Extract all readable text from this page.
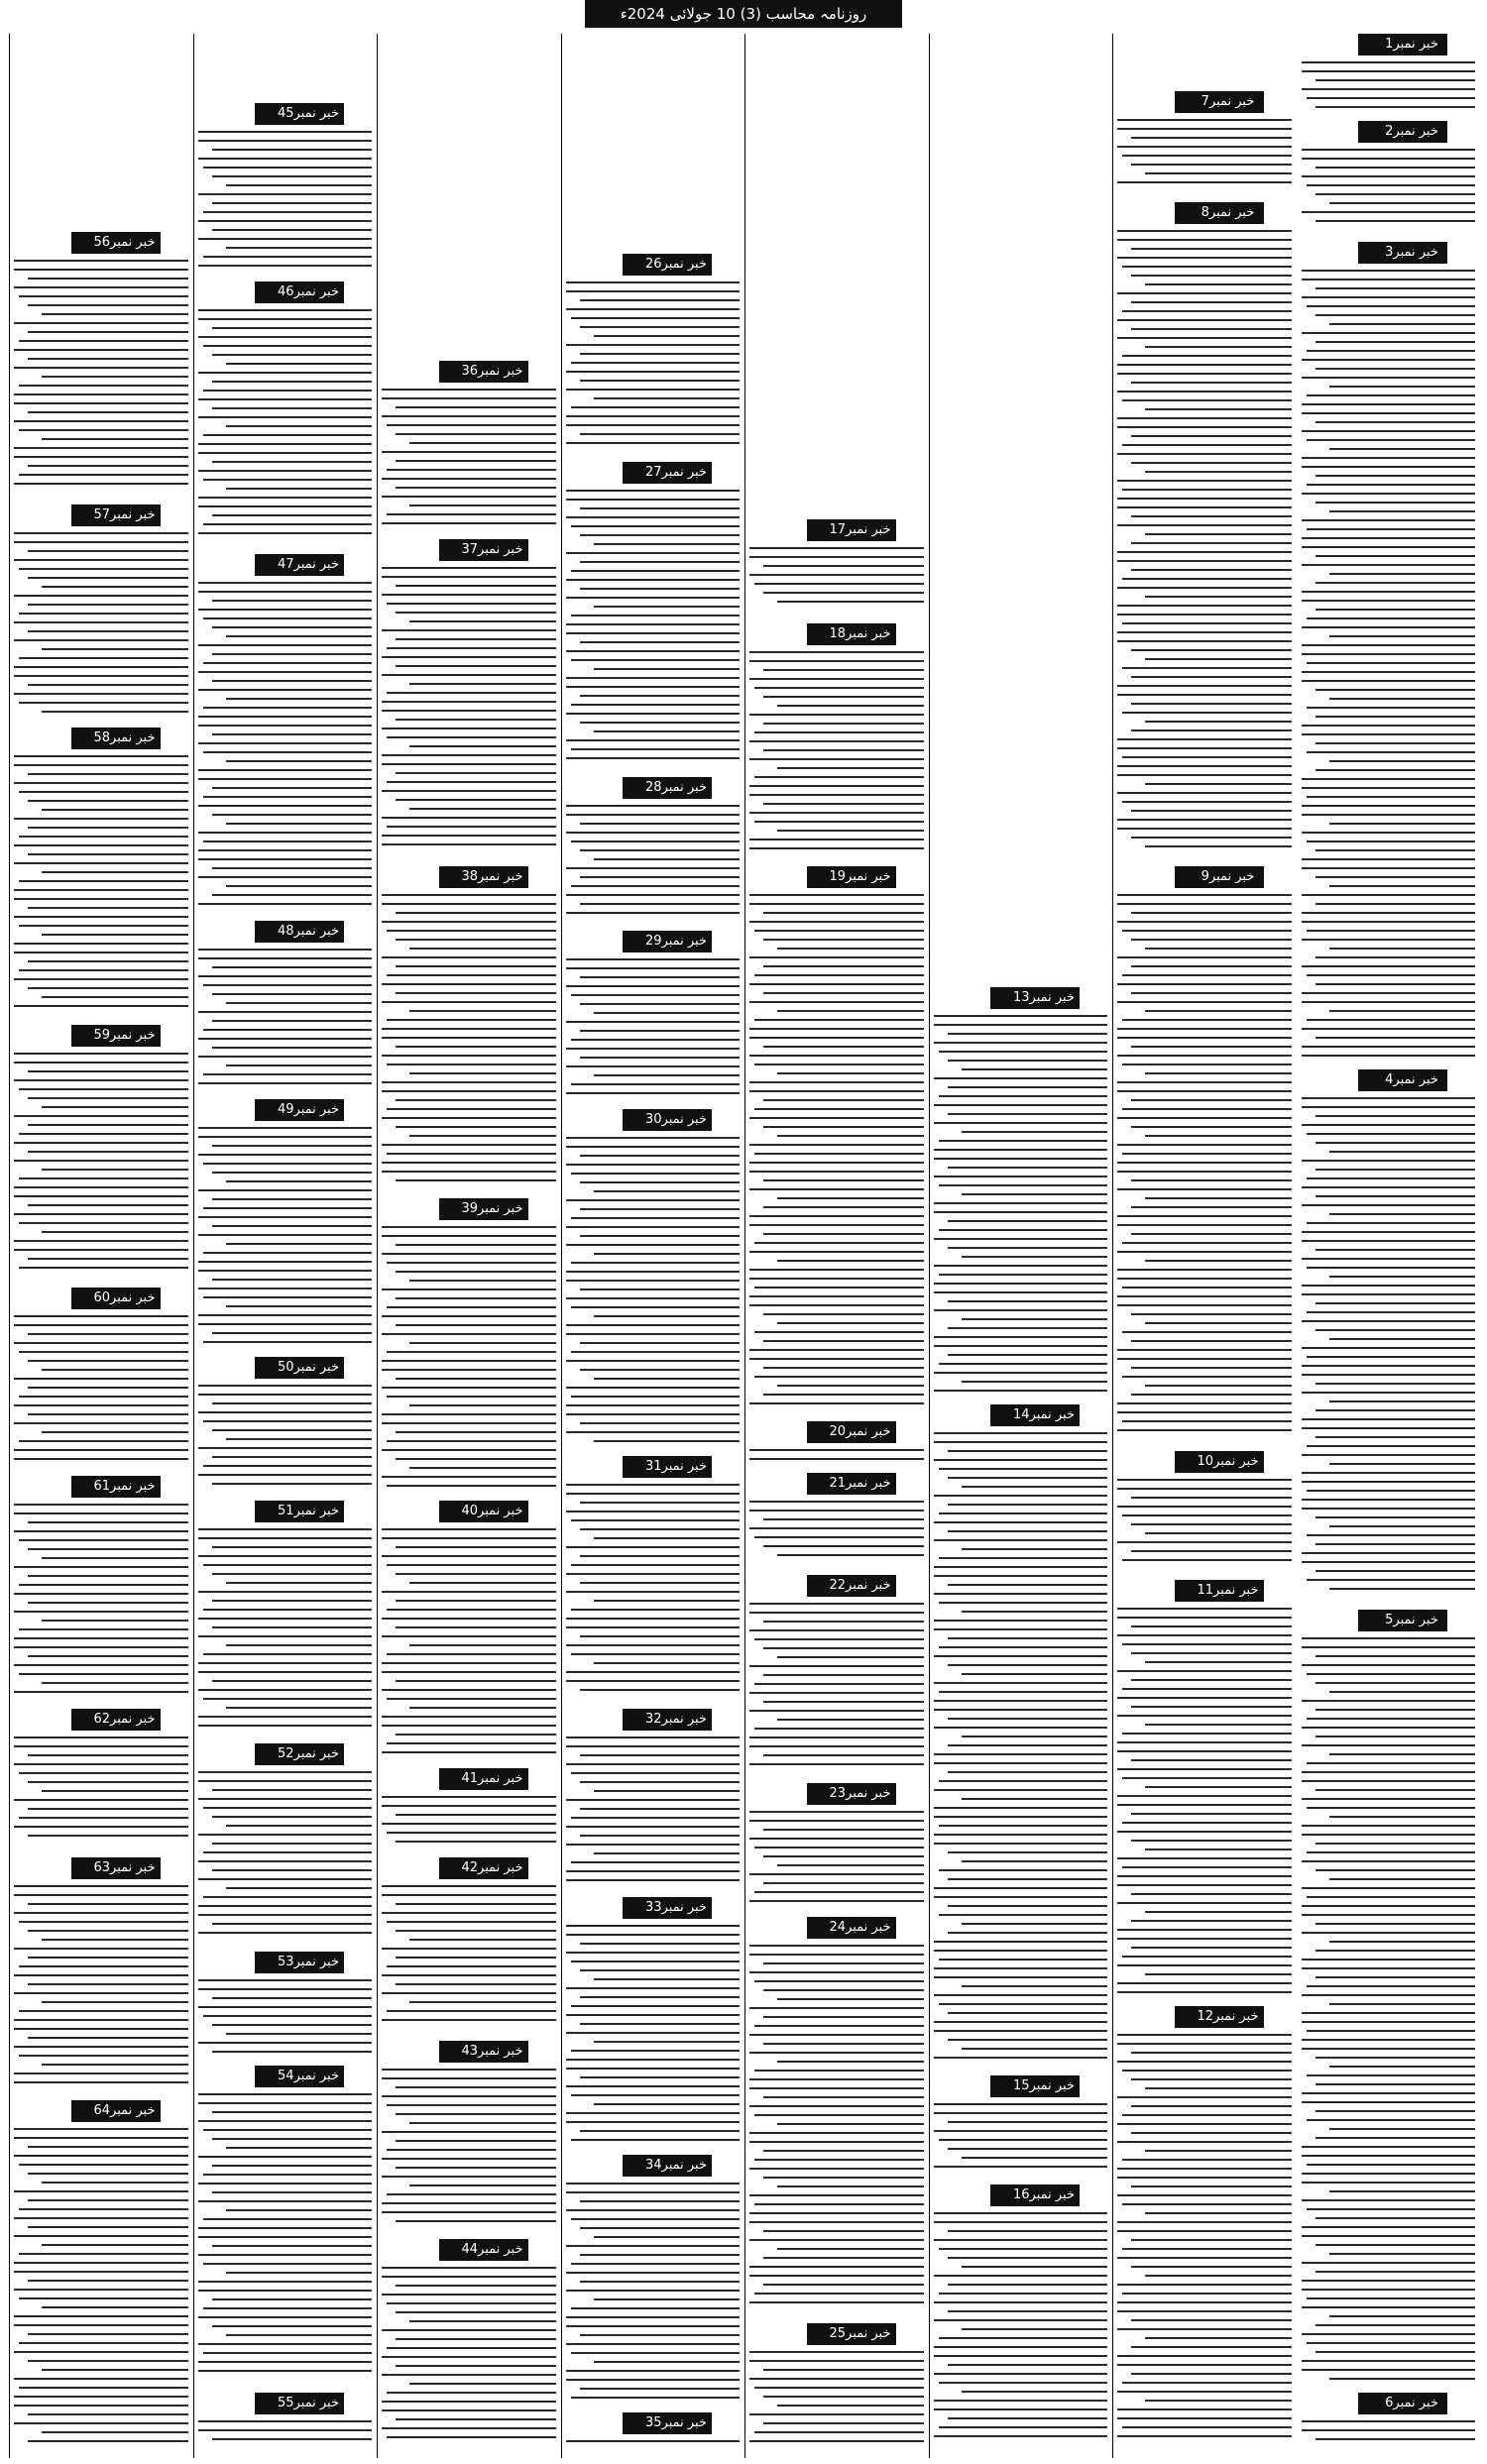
روزنامہ محاسب (3) 10 جولائی 2024ء
خبر نمبر1
خبر نمبر2
خبر نمبر3
خبر نمبر4
خبر نمبر5
خبر نمبر6
خبر نمبر7
خبر نمبر8
خبر نمبر9
خبر نمبر10
خبر نمبر11
خبر نمبر12
خبر نمبر13
خبر نمبر14
خبر نمبر15
خبر نمبر16
خبر نمبر17
خبر نمبر18
خبر نمبر19
خبر نمبر20
خبر نمبر21
خبر نمبر22
خبر نمبر23
خبر نمبر24
خبر نمبر25
خبر نمبر26
خبر نمبر27
خبر نمبر28
خبر نمبر29
خبر نمبر30
خبر نمبر31
خبر نمبر32
خبر نمبر33
خبر نمبر34
خبر نمبر35
خبر نمبر36
خبر نمبر37
خبر نمبر38
خبر نمبر39
خبر نمبر40
خبر نمبر41
خبر نمبر42
خبر نمبر43
خبر نمبر44
خبر نمبر45
خبر نمبر46
خبر نمبر47
خبر نمبر48
خبر نمبر49
خبر نمبر50
خبر نمبر51
خبر نمبر52
خبر نمبر53
خبر نمبر54
خبر نمبر55
خبر نمبر56
خبر نمبر57
خبر نمبر58
خبر نمبر59
خبر نمبر60
خبر نمبر61
خبر نمبر62
خبر نمبر63
خبر نمبر64
